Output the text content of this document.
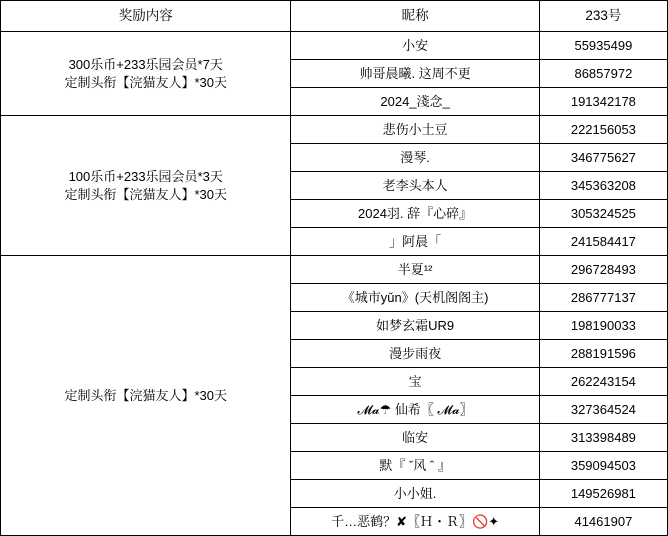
奖励内容	昵称	233号

300乐币+233乐园会员*7天
定制头衔【浣猫友人】*30天	小安	55935499
	帅哥晨曦. 这周不更	86857972
	2024_淺念_	191342178

100乐币+233乐园会员*3天
定制头衔【浣猫友人】*30天	悲伤小土豆	222156053
	漫琴.	346775627
	老李头本人	345363208
	2024羽. 辞『心碎』	305324525
	」阿晨「	241584417

定制头衔【浣猫友人】*30天	半夏¹²	296728493
	《城市yǔn》(天机阁阁主)	286777137
	如梦玄霜UR9	198190033
	漫步雨夜	288191596
	宝	262243154
	𝓜𝓪☂ 仙希〖 𝓜𝓪〗	327364524
	临安	313398489
	默『 ˇ风 ˆ 』	359094503
	小小姐.	149526981
	千…恶鹤？✘〖Ｈ・Ｒ〗🚫✦	41461907
